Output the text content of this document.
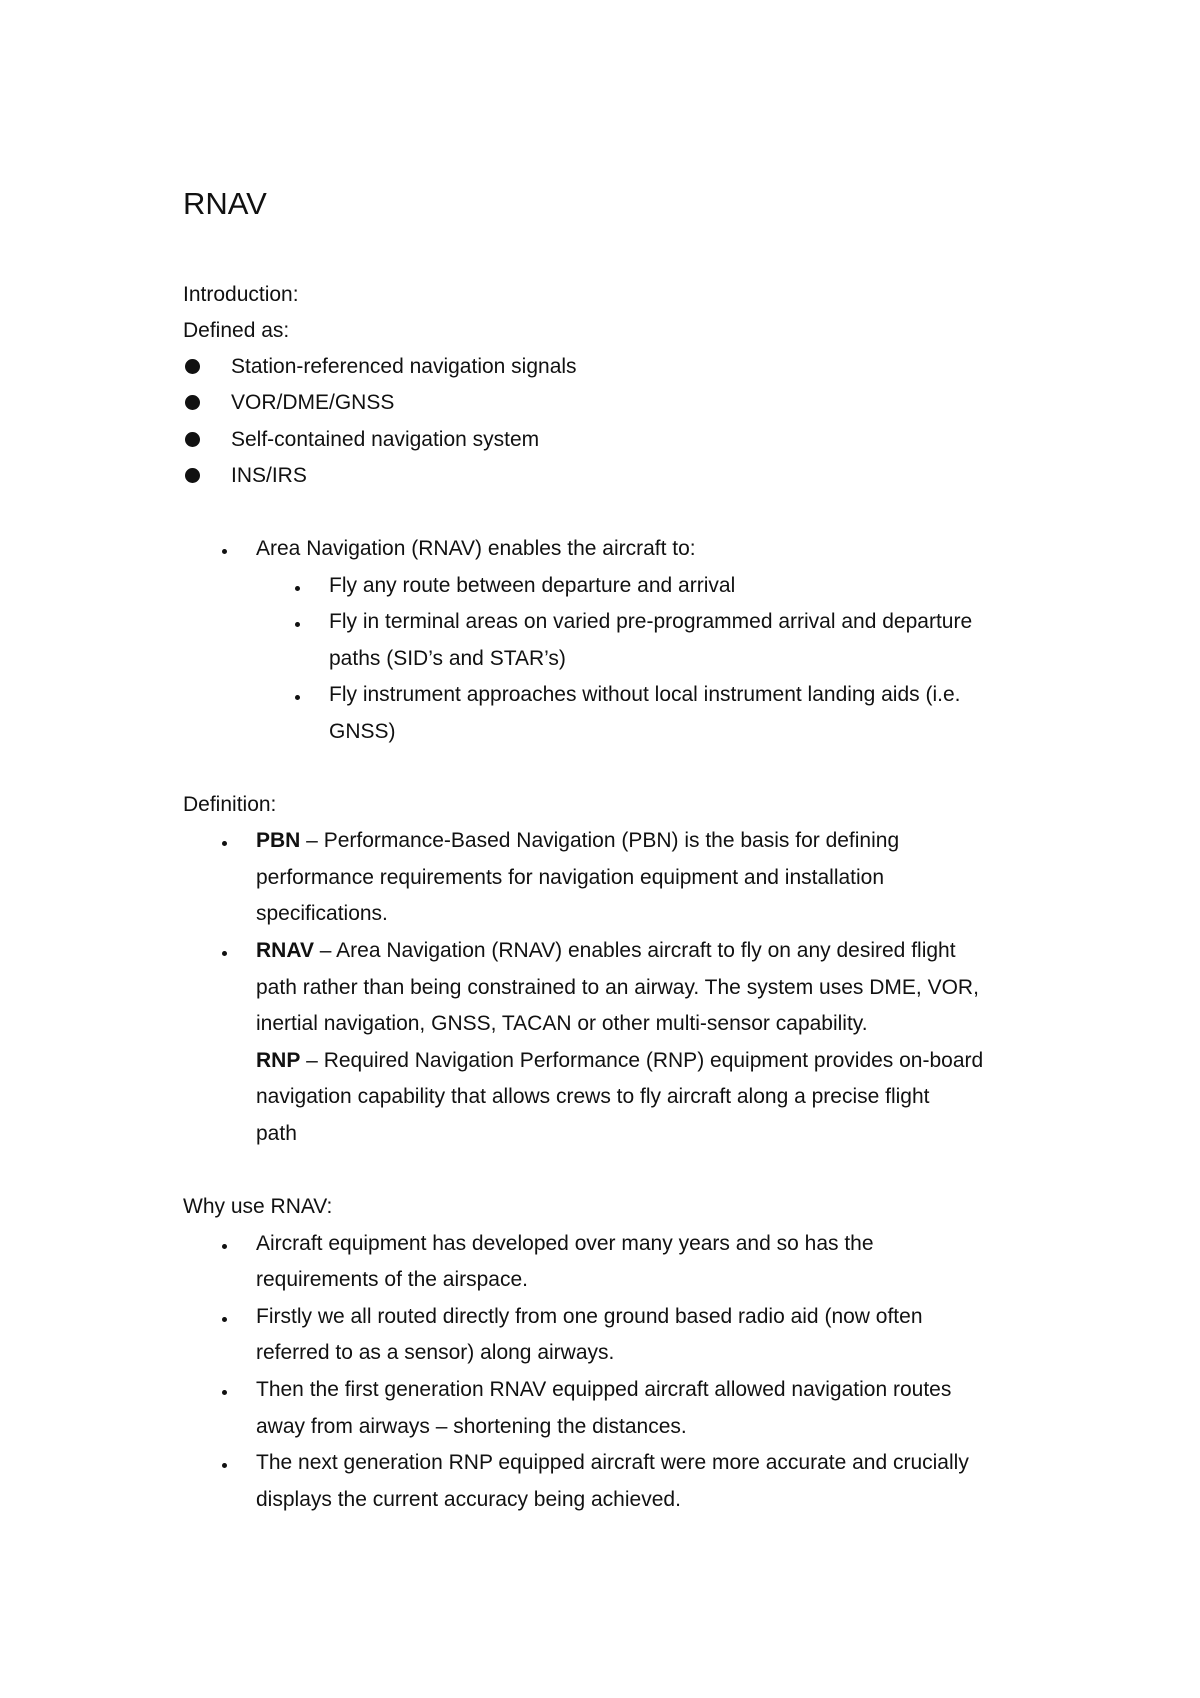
RNAV
Introduction:
Defined as:
Station-referenced navigation signals
VOR/DME/GNSS
Self-contained navigation system
INS/IRS
Area Navigation (RNAV) enables the aircraft to:
Fly any route between departure and arrival
Fly in terminal areas on varied pre-programmed arrival and departure
paths (SID’s and STAR’s)
Fly instrument approaches without local instrument landing aids (i.e.
GNSS)
Definition:
PBN – Performance-Based Navigation (PBN) is the basis for defining
performance requirements for navigation equipment and installation
specifications.
RNAV – Area Navigation (RNAV) enables aircraft to fly on any desired flight
path rather than being constrained to an airway. The system uses DME, VOR,
inertial navigation, GNSS, TACAN or other multi-sensor capability.
RNP – Required Navigation Performance (RNP) equipment provides on-board
navigation capability that allows crews to fly aircraft along a precise flight
path
Why use RNAV:
Aircraft equipment has developed over many years and so has the
requirements of the airspace.
Firstly we all routed directly from one ground based radio aid (now often
referred to as a sensor) along airways.
Then the first generation RNAV equipped aircraft allowed navigation routes
away from airways – shortening the distances.
The next generation RNP equipped aircraft were more accurate and crucially
displays the current accuracy being achieved.
